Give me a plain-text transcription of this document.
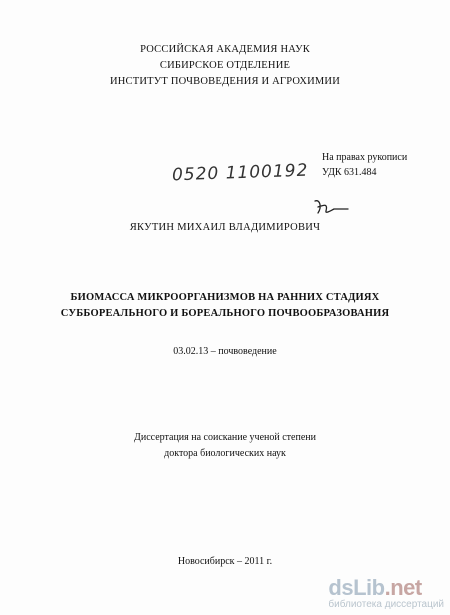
РОССИЙСКАЯ АКАДЕМИЯ НАУК
СИБИРСКОЕ ОТДЕЛЕНИЕ
ИНСТИТУТ ПОЧВОВЕДЕНИЯ И АГРОХИМИИ
На правах рукописи
УДК 631.484
0520 1100192
ЯКУТИН МИХАИЛ ВЛАДИМИРОВИЧ
БИОМАССА МИКРООРГАНИЗМОВ НА РАННИХ СТАДИЯХ
СУББОРЕАЛЬНОГО И БОРЕАЛЬНОГО ПОЧВООБРАЗОВАНИЯ
03.02.13 – почвоведение
Диссертация на соискание ученой степени
доктора биологических наук
Новосибирск – 2011 г.
dsLib.net
библиотека диссертаций
